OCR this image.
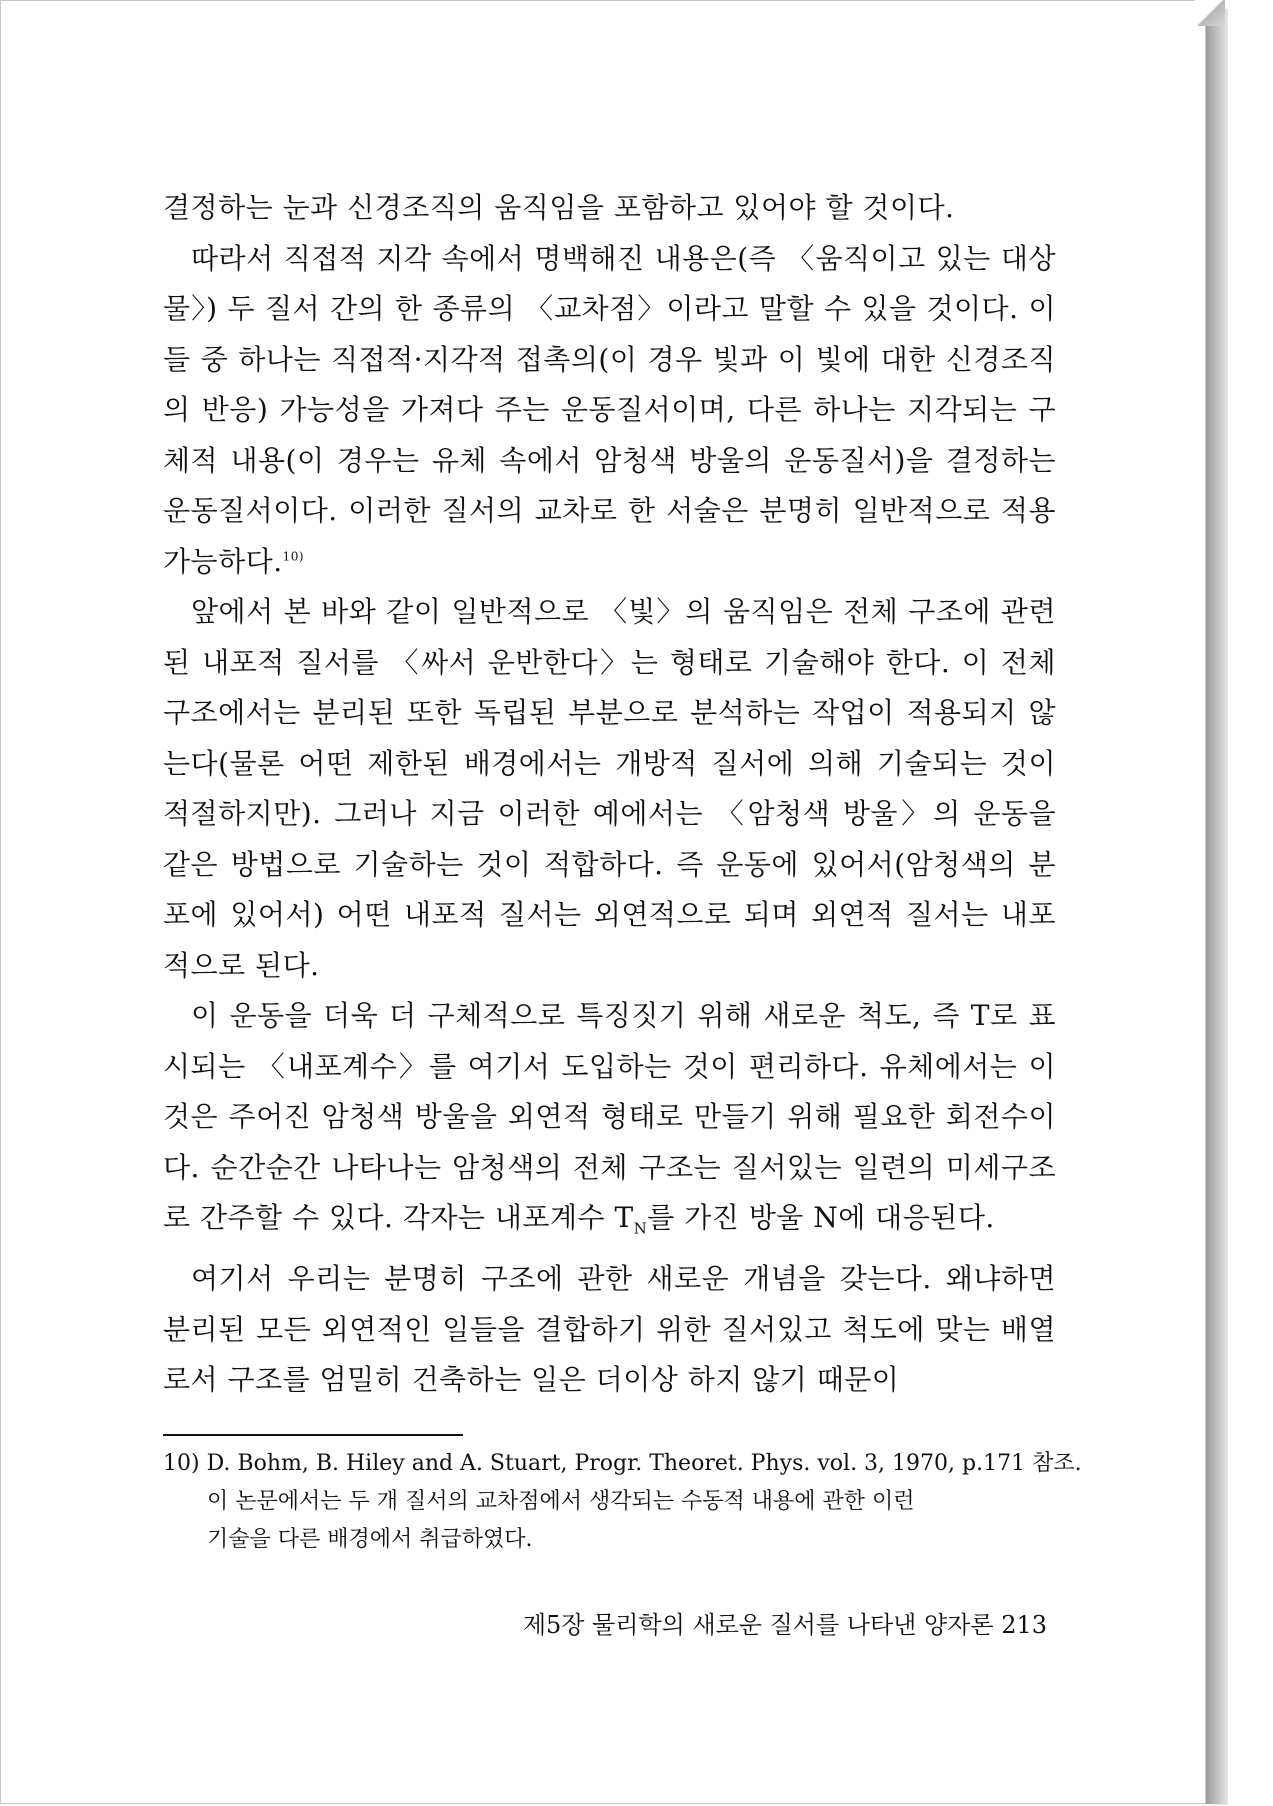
결정하는 눈과 신경조직의 움직임을 포함하고 있어야 할 것이다.

따라서 직접적 지각 속에서 명백해진 내용은(즉 〈움직이고 있는 대상물〉) 두 질서 간의 한 종류의 〈교차점〉이라고 말할 수 있을 것이다. 이들 중 하나는 직접적·지각적 접촉의(이 경우 빛과 이 빛에 대한 신경조직의 반응) 가능성을 가져다 주는 운동질서이며, 다른 하나는 지각되는 구체적 내용(이 경우는 유체 속에서 암청색 방울의 운동질서)을 결정하는 운동질서이다. 이러한 질서의 교차로 한 서술은 분명히 일반적으로 적용 가능하다.$^{10)}$

앞에서 본 바와 같이 일반적으로 〈빛〉의 움직임은 전체 구조에 관련된 내포적 질서를 〈싸서 운반한다〉는 형태로 기술해야 한다. 이 전체 구조에서는 분리된 또한 독립된 부분으로 분석하는 작업이 적용되지 않는다(물론 어떤 제한된 배경에서는 개방적 질서에 의해 기술되는 것이 적절하지만). 그러나 지금 이러한 예에서는 〈암청색 방울〉의 운동을 같은 방법으로 기술하는 것이 적합하다. 즉 운동에 있어서(암청색의 분포에 있어서) 어떤 내포적 질서는 외연적으로 되며 외연적 질서는 내포적으로 된다.

이 운동을 더욱 더 구체적으로 특징짓기 위해 새로운 척도, 즉 T로 표시되는 〈내포계수〉를 여기서 도입하는 것이 편리하다. 유체에서는 이것은 주어진 암청색 방울을 외연적 형태로 만들기 위해 필요한 회전수이다. 순간순간 나타나는 암청색의 전체 구조는 질서있는 일련의 미세구조로 간주할 수 있다. 각자는 내포계수 $T_N$를 가진 방울 N에 대응된다.

여기서 우리는 분명히 구조에 관한 새로운 개념을 갖는다. 왜냐하면 분리된 모든 외연적인 일들을 결합하기 위한 질서있고 척도에 맞는 배열로서 구조를 엄밀히 건축하는 일은 더이상 하지 않기 때문이

10) D. Bohm, B. Hiley and A. Stuart, Progr. Theoret. Phys. vol. 3, 1970, p.171 참조.
이 논문에서는 두 개 질서의 교차점에서 생각되는 수동적 내용에 관한 이런
기술을 다른 배경에서 취급하였다.
제5장 물리학의 새로운 질서를 나타낸 양자론 213
